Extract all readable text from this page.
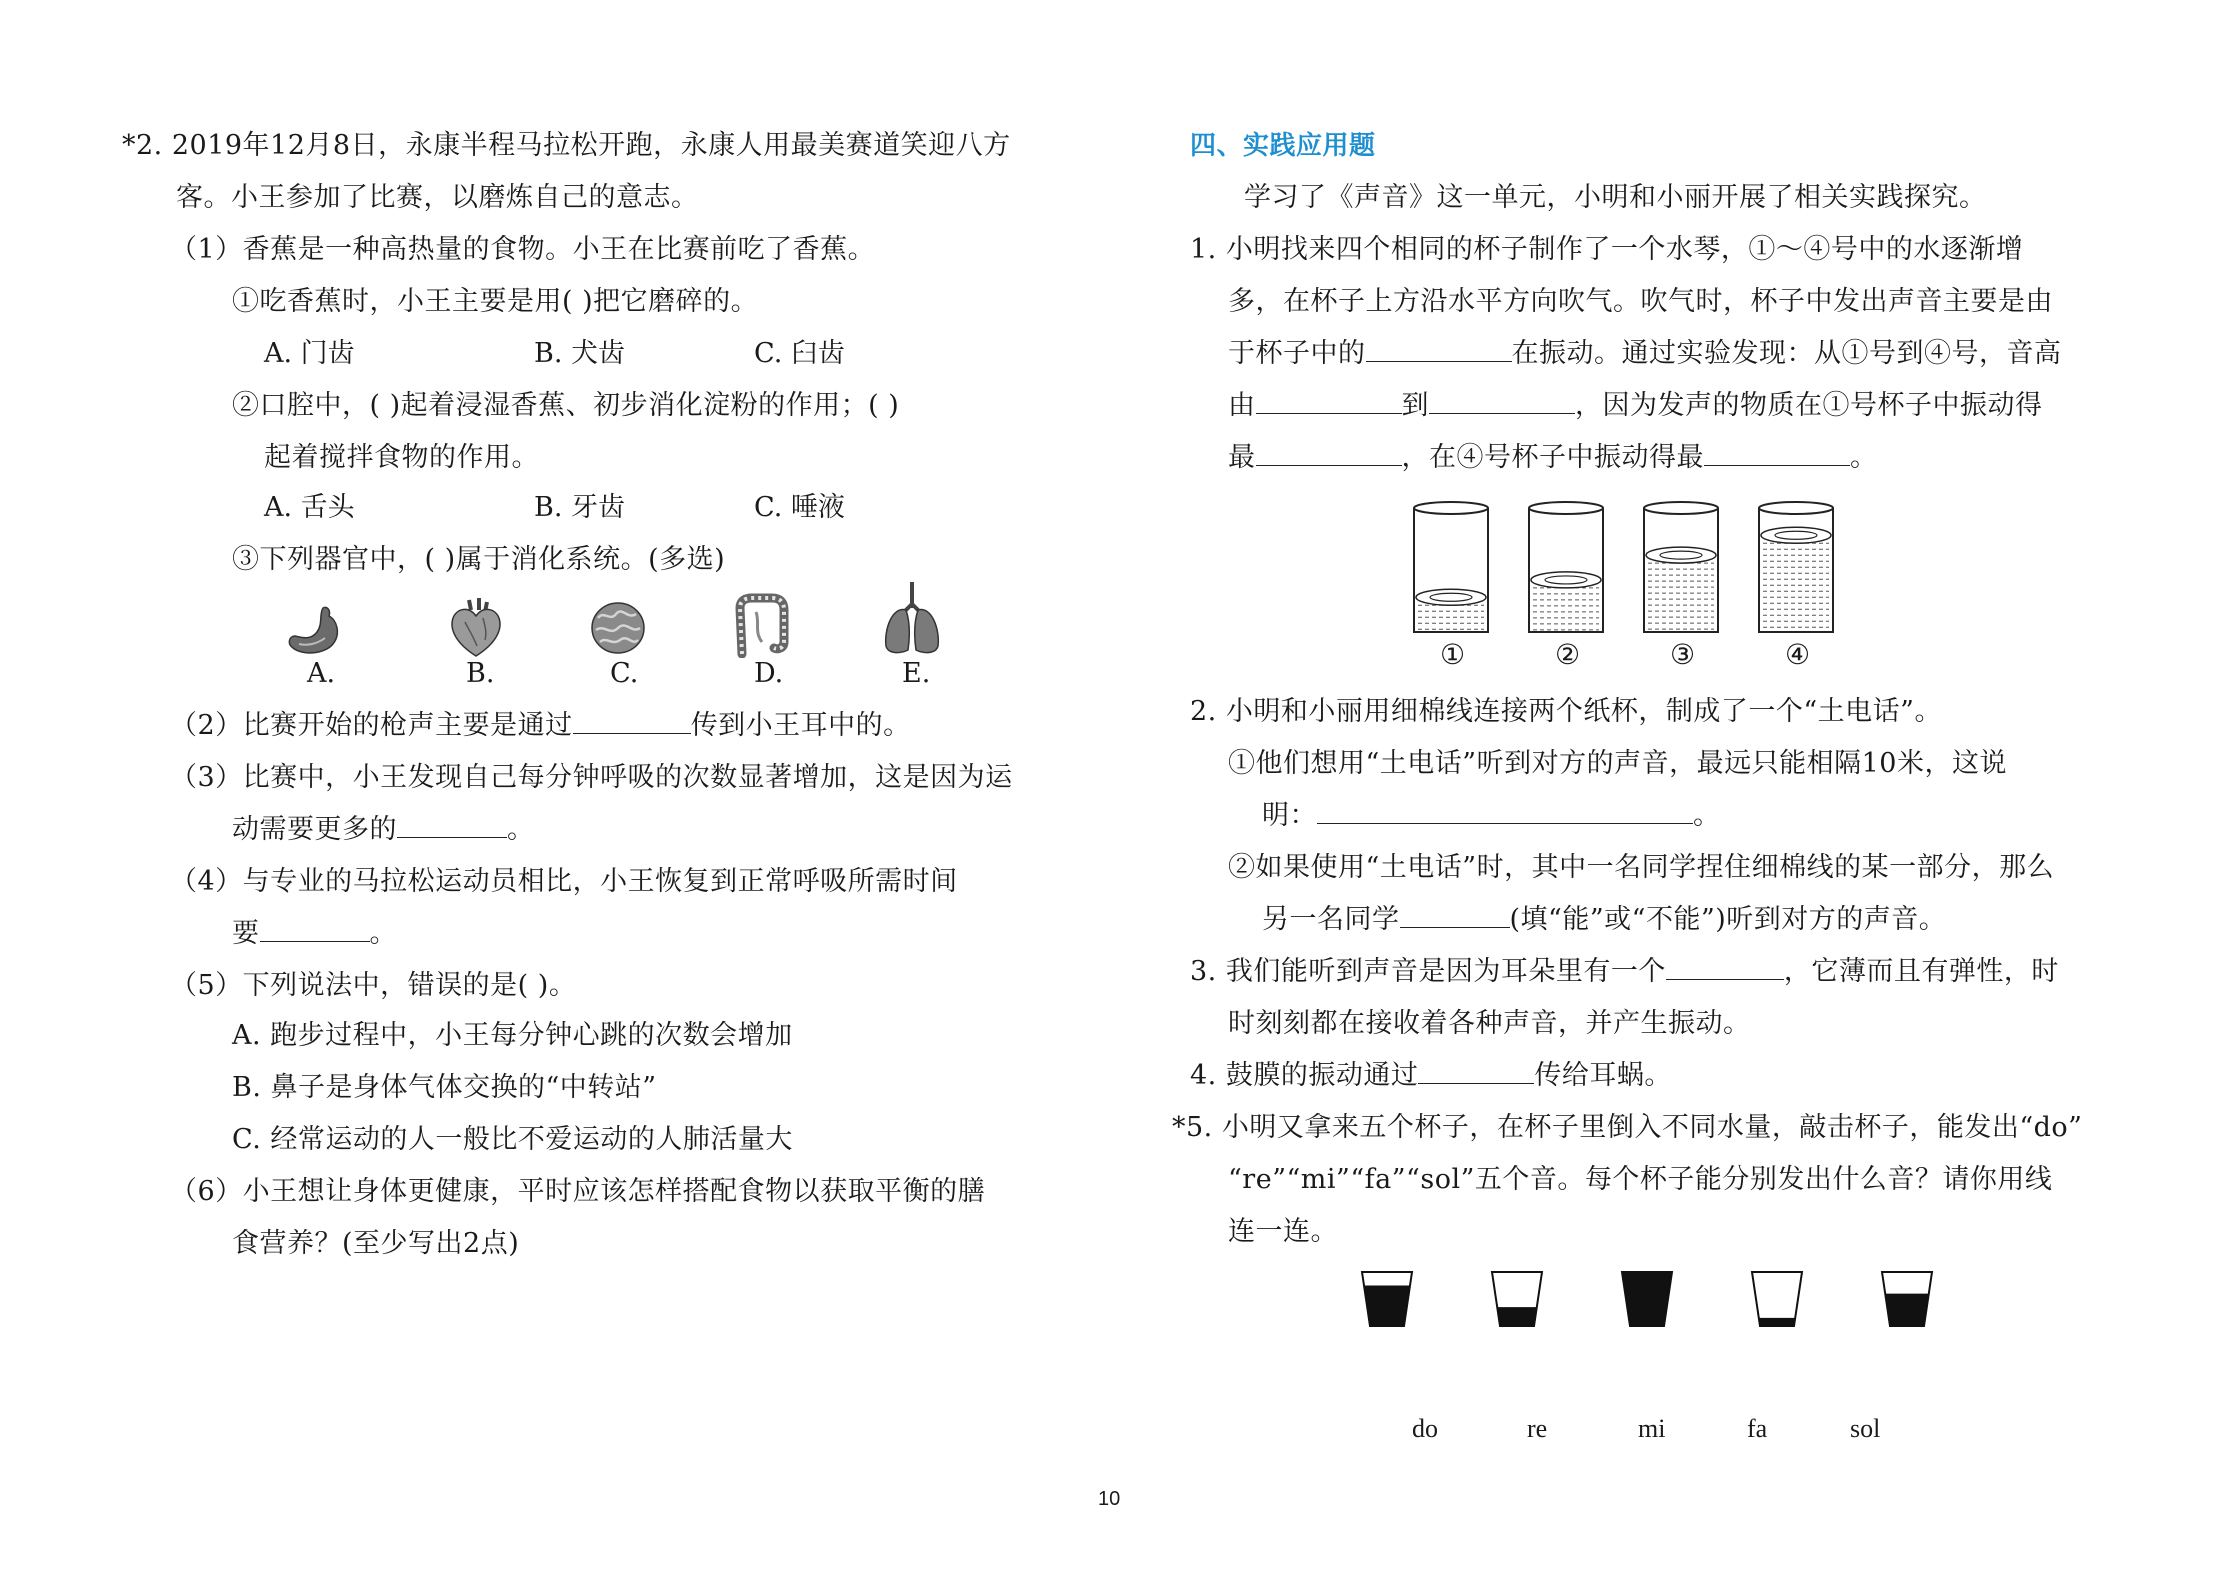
*2. 2019年12月8日，永康半程马拉松开跑，永康人用最美赛道笑迎八方
客。小王参加了比赛，以磨炼自己的意志。
（1）香蕉是一种高热量的食物。小王在比赛前吃了香蕉。
①吃香蕉时，小王主要是用( )把它磨碎的。
A. 门齿	B. 犬齿	C. 臼齿
②口腔中，( )起着浸湿香蕉、初步消化淀粉的作用；( )
起着搅拌食物的作用。
A. 舌头	B. 牙齿	C. 唾液
③下列器官中，( )属于消化系统。(多选)
A.	B.	C.	D.	E.
（2）比赛开始的枪声主要是通过	传到小王耳中的。
（3）比赛中，小王发现自己每分钟呼吸的次数显著增加，这是因为运
动需要更多的	。
（4）与专业的马拉松运动员相比，小王恢复到正常呼吸所需时间
要	。
（5）下列说法中，错误的是( )。
A. 跑步过程中，小王每分钟心跳的次数会增加
B. 鼻子是身体气体交换的“中转站”
C. 经常运动的人一般比不爱运动的人肺活量大
（6）小王想让身体更健康，平时应该怎样搭配食物以获取平衡的膳
食营养？(至少写出2点)
四、实践应用题
学习了《声音》这一单元，小明和小丽开展了相关实践探究。
1. 小明找来四个相同的杯子制作了一个水琴，①～④号中的水逐渐增
多，在杯子上方沿水平方向吹气。吹气时，杯子中发出声音主要是由
于杯子中的	在振动。通过实验发现：从①号到④号，音高
由	到	，因为发声的物质在①号杯子中振动得
最	，在④号杯子中振动得最	。
①	②	③	④
2. 小明和小丽用细棉线连接两个纸杯，制成了一个“土电话”。
①他们想用“土电话”听到对方的声音，最远只能相隔10米，这说
明：	。
②如果使用“土电话”时，其中一名同学捏住细棉线的某一部分，那么
另一名同学	(填“能”或“不能”)听到对方的声音。
3. 我们能听到声音是因为耳朵里有一个	，它薄而且有弹性，时
时刻刻都在接收着各种声音，并产生振动。
4. 鼓膜的振动通过	传给耳蜗。
*5. 小明又拿来五个杯子，在杯子里倒入不同水量，敲击杯子，能发出“do”
“re”“mi”“fa”“sol”五个音。每个杯子能分别发出什么音？请你用线
连一连。
do	re	mi	fa	sol
10
